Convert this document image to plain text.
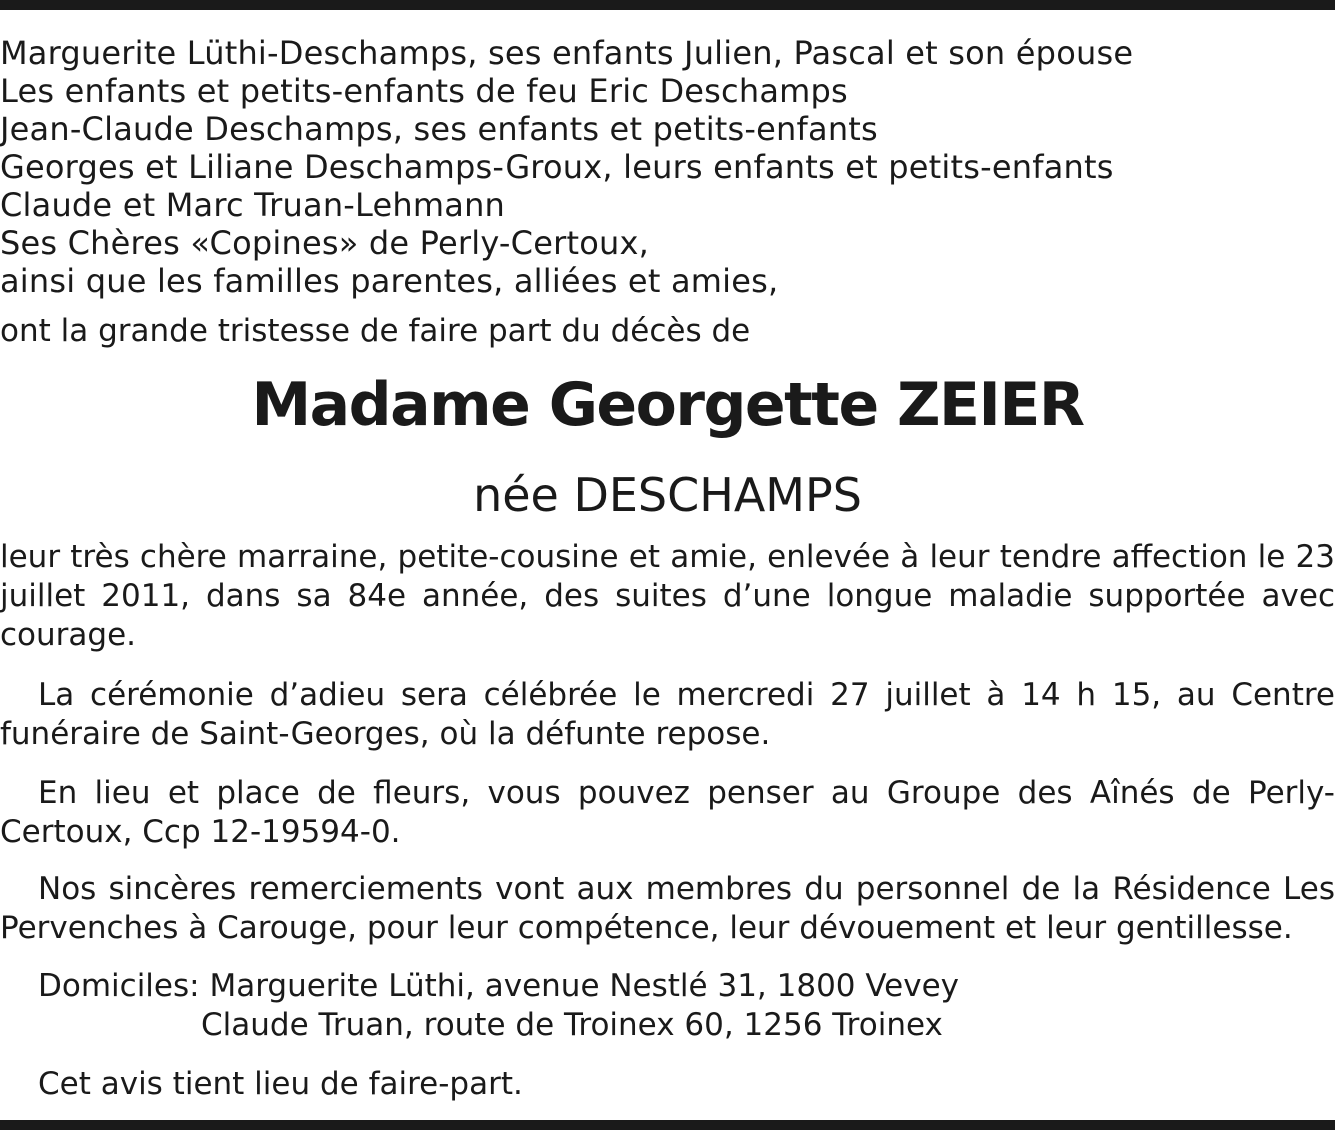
Marguerite Lüthi-Deschamps, ses enfants Julien, Pascal et son épouse
Les enfants et petits-enfants de feu Eric Deschamps
Jean-Claude Deschamps, ses enfants et petits-enfants
Georges et Liliane Deschamps-Groux, leurs enfants et petits-enfants
Claude et Marc Truan-Lehmann
Ses Chères «Copines» de Perly-Certoux,
ainsi que les familles parentes, alliées et amies,
ont la grande tristesse de faire part du décès de
Madame Georgette ZEIER
née DESCHAMPS

leur très chère marraine, petite-cousine et amie, enlevée à leur tendre affection le 23 juillet 2011, dans sa 84e année, des suites d’une longue maladie supportée avec courage.

La cérémonie d’adieu sera célébrée le mercredi 27 juillet à 14 h 15, au Centre funéraire de Saint-Georges, où la défunte repose.

En lieu et place de fleurs, vous pouvez penser au Groupe des Aînés de Perly-Certoux, Ccp 12-19594-0.

Nos sincères remerciements vont aux membres du personnel de la Résidence Les Pervenches à Carouge, pour leur compétence, leur dévouement et leur gentillesse.

Domiciles: Marguerite Lüthi, avenue Nestlé 31, 1800 Vevey
Claude Truan, route de Troinex 60, 1256 Troinex
Cet avis tient lieu de faire-part.
